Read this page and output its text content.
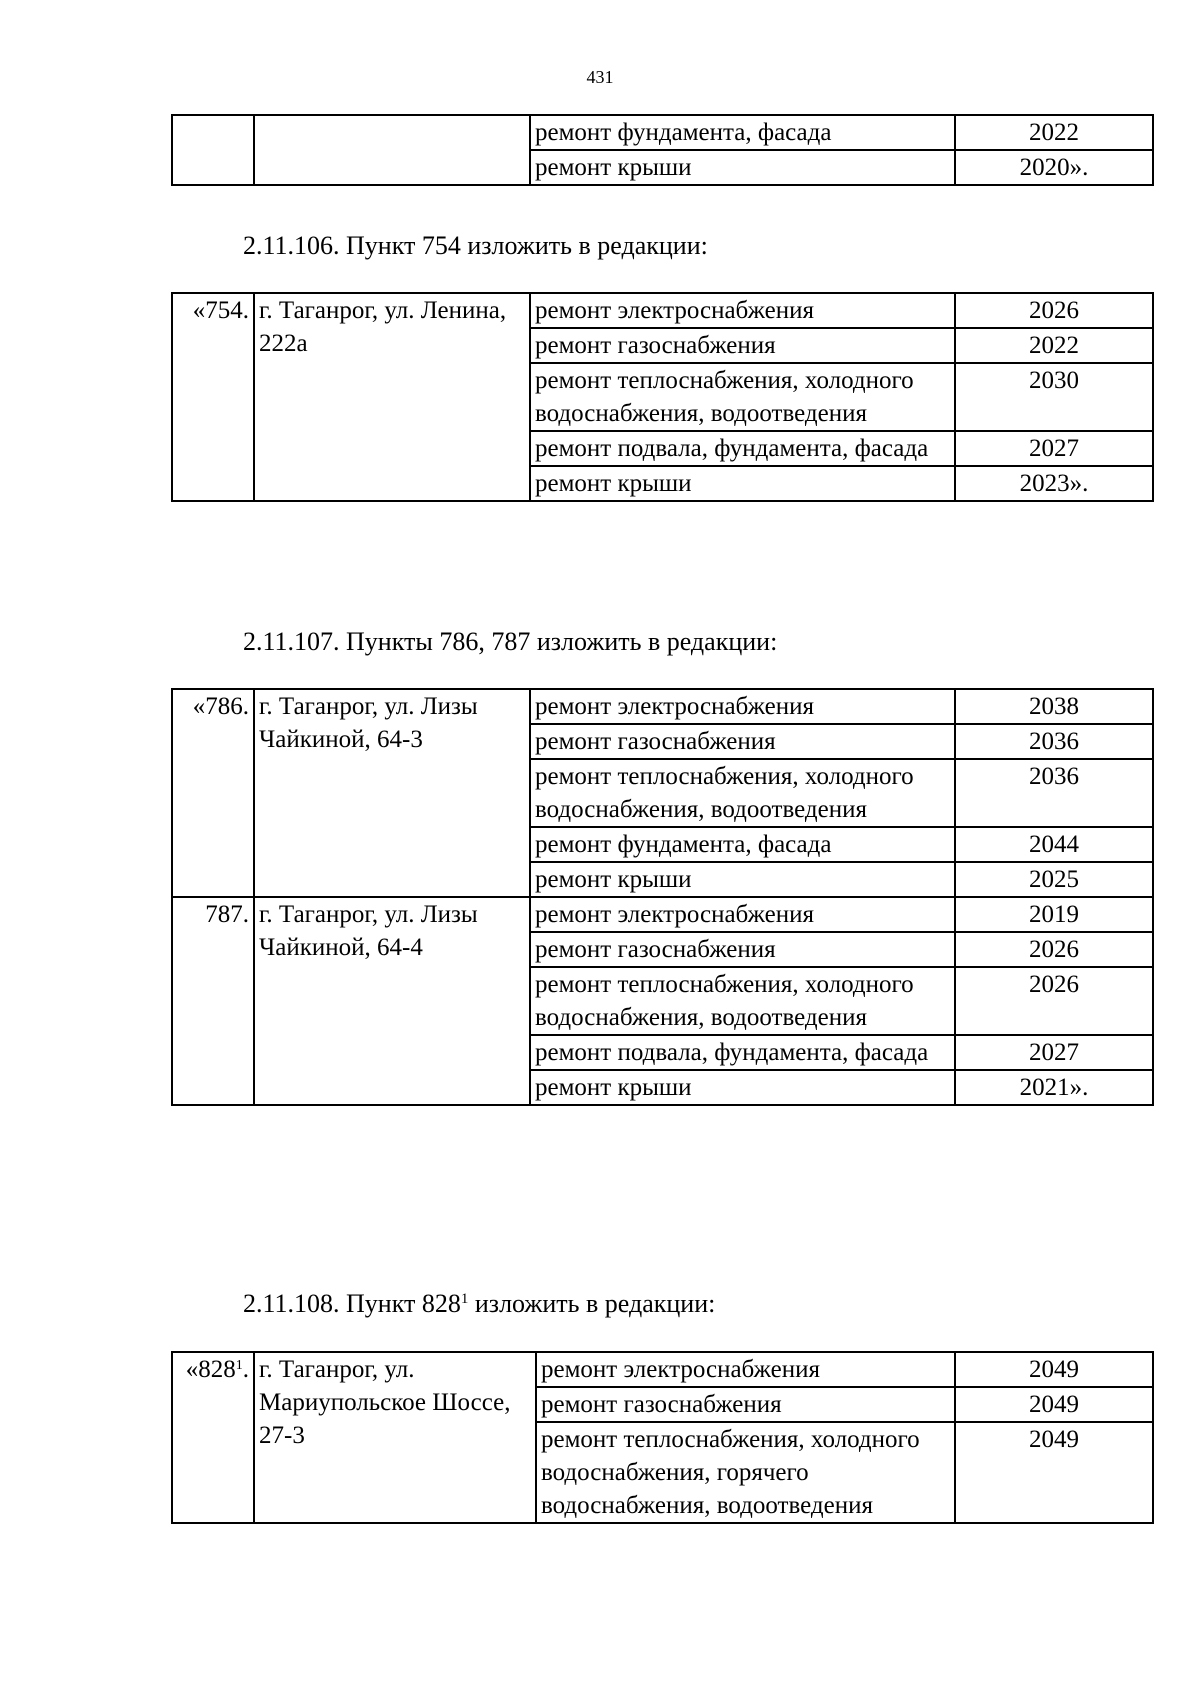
431
		ремонт фундамента, фасада	2022
		ремонт крыши	2020».
2.11.106. Пункт 754 изложить в редакции:
«754.	г. Таганрог, ул. Ленина, 222а	ремонт электроснабжения	2026
		ремонт газоснабжения	2022
		ремонт теплоснабжения, холодного водоснабжения, водоотведения	2030
		ремонт подвала, фундамента, фасада	2027
		ремонт крыши	2023».
2.11.107. Пункты 786, 787 изложить в редакции:
«786.	г. Таганрог, ул. Лизы Чайкиной, 64-3	ремонт электроснабжения	2038
		ремонт газоснабжения	2036
		ремонт теплоснабжения, холодного водоснабжения, водоотведения	2036
		ремонт фундамента, фасада	2044
		ремонт крыши	2025
787.	г. Таганрог, ул. Лизы Чайкиной, 64-4	ремонт электроснабжения	2019
		ремонт газоснабжения	2026
		ремонт теплоснабжения, холодного водоснабжения, водоотведения	2026
		ремонт подвала, фундамента, фасада	2027
		ремонт крыши	2021».
2.11.108. Пункт $828^1$ изложить в редакции:
«$828^1$.	г. Таганрог, ул. Мариупольское Шоссе, 27-3	ремонт электроснабжения	2049
		ремонт газоснабжения	2049
		ремонт теплоснабжения, холодного водоснабжения, горячего водоснабжения, водоотведения	2049
